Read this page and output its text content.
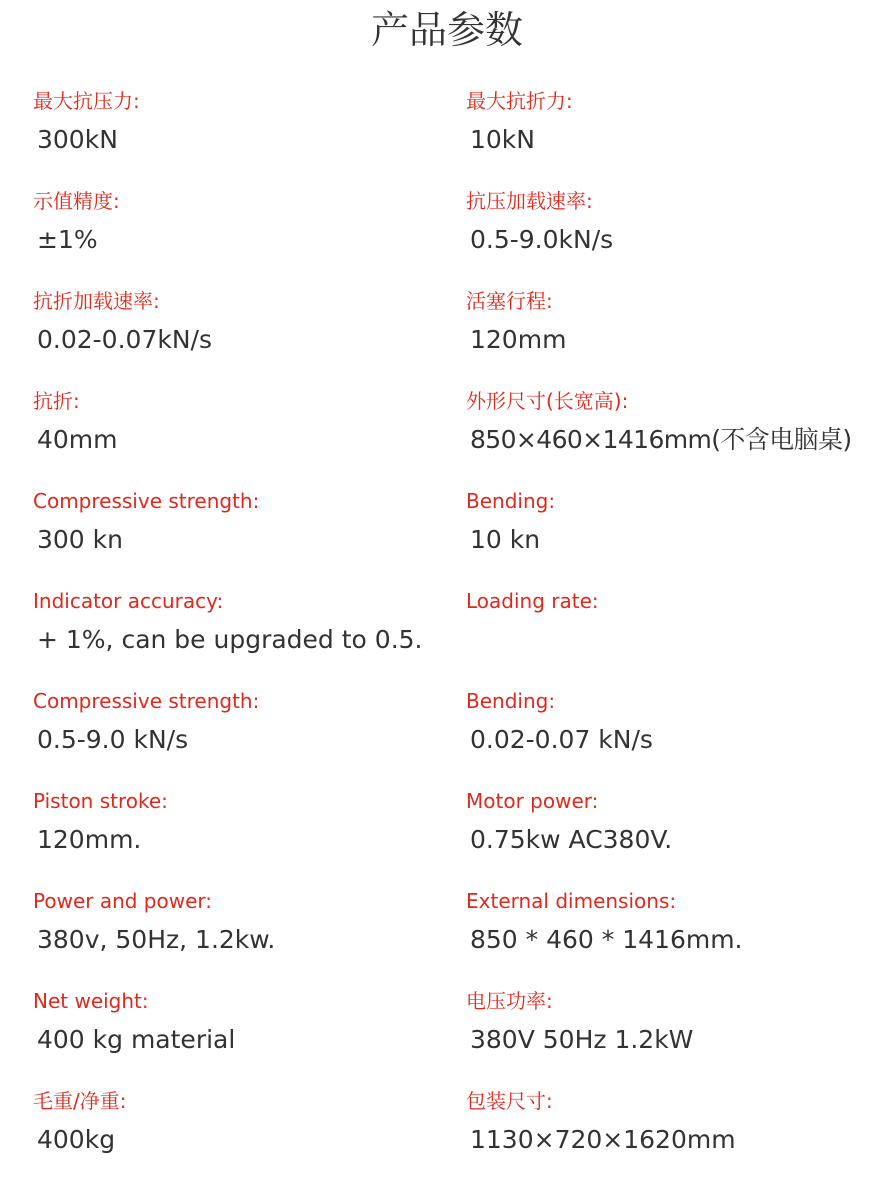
产品参数
最大抗压力:
300kN
最大抗折力:
10kN
示值精度:
±1%
抗压加载速率:
0.5-9.0kN/s
抗折加载速率:
0.02-0.07kN/s
活塞行程:
120mm
抗折:
40mm
外形尺寸(长宽高):
850×460×1416mm(不含电脑桌)
Compressive strength:
300 kn
Bending:
10 kn
Indicator accuracy:
+ 1%, can be upgraded to 0.5.
Loading rate:
Compressive strength:
0.5-9.0 kN/s
Bending:
0.02-0.07 kN/s
Piston stroke:
120mm.
Motor power:
0.75kw AC380V.
Power and power:
380v, 50Hz, 1.2kw.
External dimensions:
850 * 460 * 1416mm.
Net weight:
400 kg material
电压功率:
380V 50Hz 1.2kW
毛重/净重:
400kg
包装尺寸:
1130×720×1620mm
